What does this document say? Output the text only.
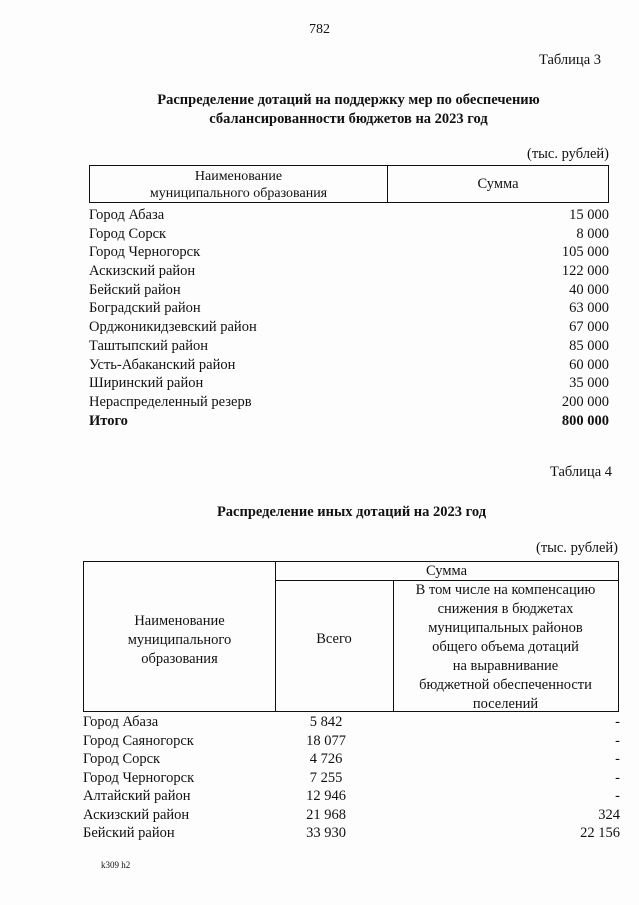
782
Таблица 3
Распределение дотаций на поддержку мер по обеспечению
сбалансированности бюджетов на 2023 год
(тыс. рублей)
Наименование
муниципального образования
Сумма
Город Абаза	15 000
Город Сорск	8 000
Город Черногорск	105 000
Аскизский район	122 000
Бейский район	40 000
Боградский район	63 000
Орджоникидзевский район	67 000
Таштыпский район	85 000
Усть-Абаканский район	60 000
Ширинский район	35 000
Нераспределенный резерв	200 000
Итого	800 000
Таблица 4
Распределение иных дотаций на 2023 год
(тыс. рублей)
Наименование
муниципального
образования
Сумма
Всего
В том числе на компенсацию
снижения в бюджетах
муниципальных районов
общего объема дотаций
на выравнивание
бюджетной обеспеченности
поселений
Город Абаза	5 842	-
Город Саяногорск	18 077	-
Город Сорск	4 726	-
Город Черногорск	7 255	-
Алтайский район	12 946	-
Аскизский район	21 968	324
Бейский район	33 930	22 156
k309 h2
